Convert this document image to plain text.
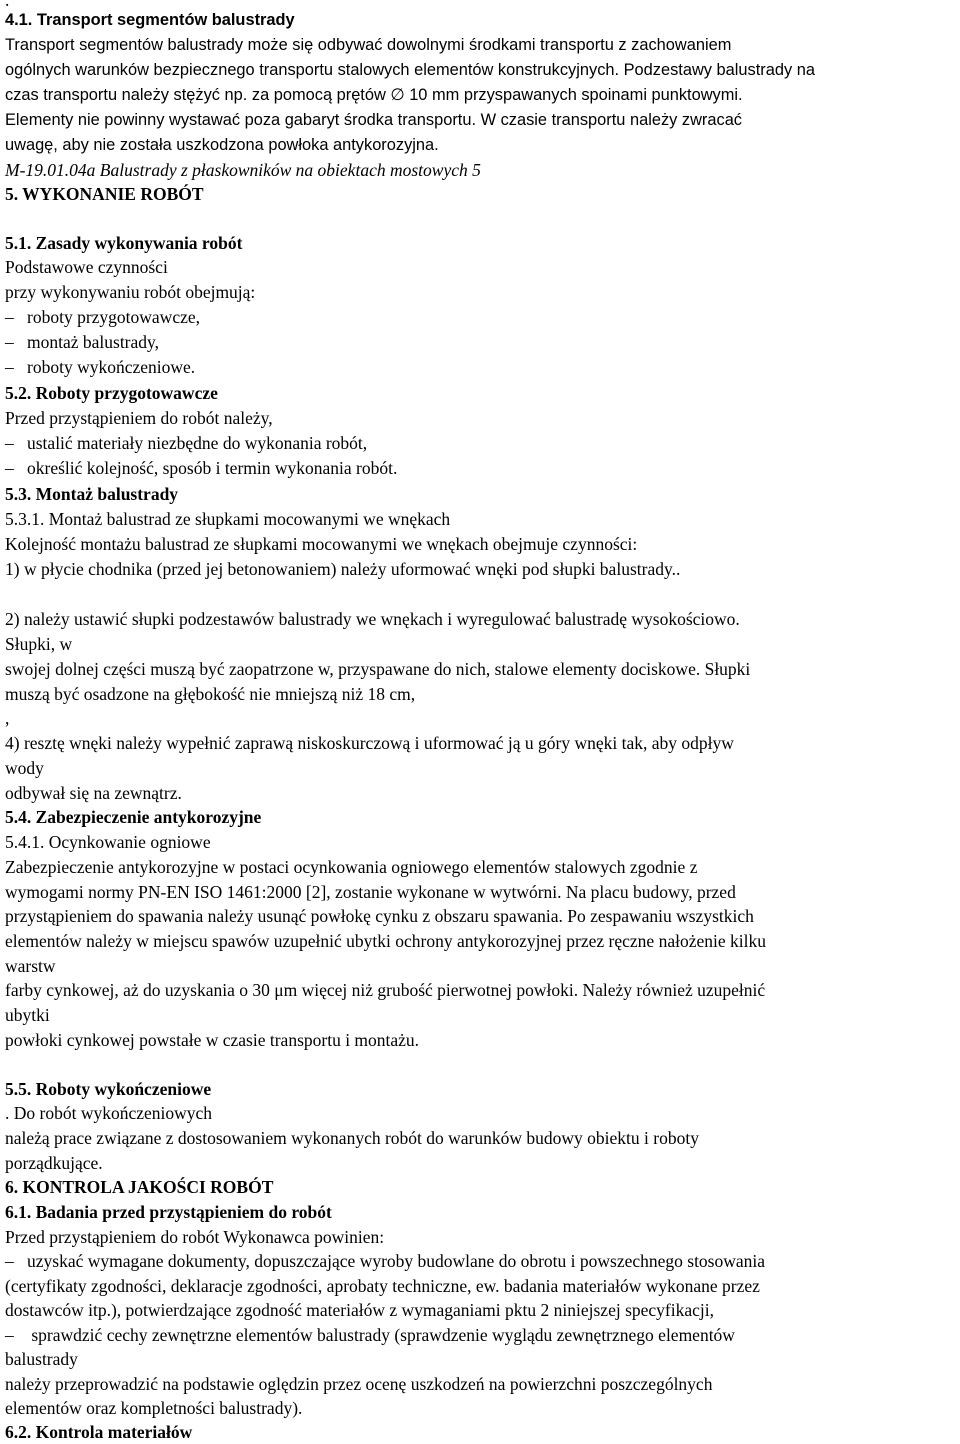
.
4.1. Transport segmentów balustrady
Transport segmentów balustrady może się odbywać dowolnymi środkami transportu z zachowaniem
ogólnych warunków bezpiecznego transportu stalowych elementów konstrukcyjnych. Podzestawy balustrady na
czas transportu należy stężyć np. za pomocą prętów ∅ 10 mm przyspawanych spoinami punktowymi.
Elementy nie powinny wystawać poza gabaryt środka transportu. W czasie transportu należy zwracać
uwagę, aby nie została uszkodzona powłoka antykorozyjna.
M-19.01.04a Balustrady z płaskowników na obiektach mostowych 5
5. WYKONANIE ROBÓT
5.1. Zasady wykonywania robót
Podstawowe czynności
przy wykonywaniu robót obejmują:
– roboty przygotowawcze,
– montaż balustrady,
– roboty wykończeniowe.
5.2. Roboty przygotowawcze
Przed przystąpieniem do robót należy,
– ustalić materiały niezbędne do wykonania robót,
– określić kolejność, sposób i termin wykonania robót.
5.3. Montaż balustrady
5.3.1. Montaż balustrad ze słupkami mocowanymi we wnękach
Kolejność montażu balustrad ze słupkami mocowanymi we wnękach obejmuje czynności:
1) w płycie chodnika (przed jej betonowaniem) należy uformować wnęki pod słupki balustrady..
2) należy ustawić słupki podzestawów balustrady we wnękach i wyregulować balustradę wysokościowo.
Słupki, w
swojej dolnej części muszą być zaopatrzone w, przyspawane do nich, stalowe elementy dociskowe. Słupki
muszą być osadzone na głębokość nie mniejszą niż 18 cm,
,
4) resztę wnęki należy wypełnić zaprawą niskoskurczową i uformować ją u góry wnęki tak, aby odpływ
wody
odbywał się na zewnątrz.
5.4. Zabezpieczenie antykorozyjne
5.4.1. Ocynkowanie ogniowe
Zabezpieczenie antykorozyjne w postaci ocynkowania ogniowego elementów stalowych zgodnie z
wymogami normy PN-EN ISO 1461:2000 [2], zostanie wykonane w wytwórni. Na placu budowy, przed
przystąpieniem do spawania należy usunąć powłokę cynku z obszaru spawania. Po zespawaniu wszystkich
elementów należy w miejscu spawów uzupełnić ubytki ochrony antykorozyjnej przez ręczne nałożenie kilku
warstw
farby cynkowej, aż do uzyskania o 30 μm więcej niż grubość pierwotnej powłoki. Należy również uzupełnić
ubytki
powłoki cynkowej powstałe w czasie transportu i montażu.
5.5. Roboty wykończeniowe
. Do robót wykończeniowych
należą prace związane z dostosowaniem wykonanych robót do warunków budowy obiektu i roboty
porządkujące.
6. KONTROLA JAKOŚCI ROBÓT
6.1. Badania przed przystąpieniem do robót
Przed przystąpieniem do robót Wykonawca powinien:
– uzyskać wymagane dokumenty, dopuszczające wyroby budowlane do obrotu i powszechnego stosowania
(certyfikaty zgodności, deklaracje zgodności, aprobaty techniczne, ew. badania materiałów wykonane przez
dostawców itp.), potwierdzające zgodność materiałów z wymaganiami pktu 2 niniejszej specyfikacji,
– sprawdzić cechy zewnętrzne elementów balustrady (sprawdzenie wyglądu zewnętrznego elementów
balustrady
należy przeprowadzić na podstawie oględzin przez ocenę uszkodzeń na powierzchni poszczególnych
elementów oraz kompletności balustrady).
6.2. Kontrola materiałów
